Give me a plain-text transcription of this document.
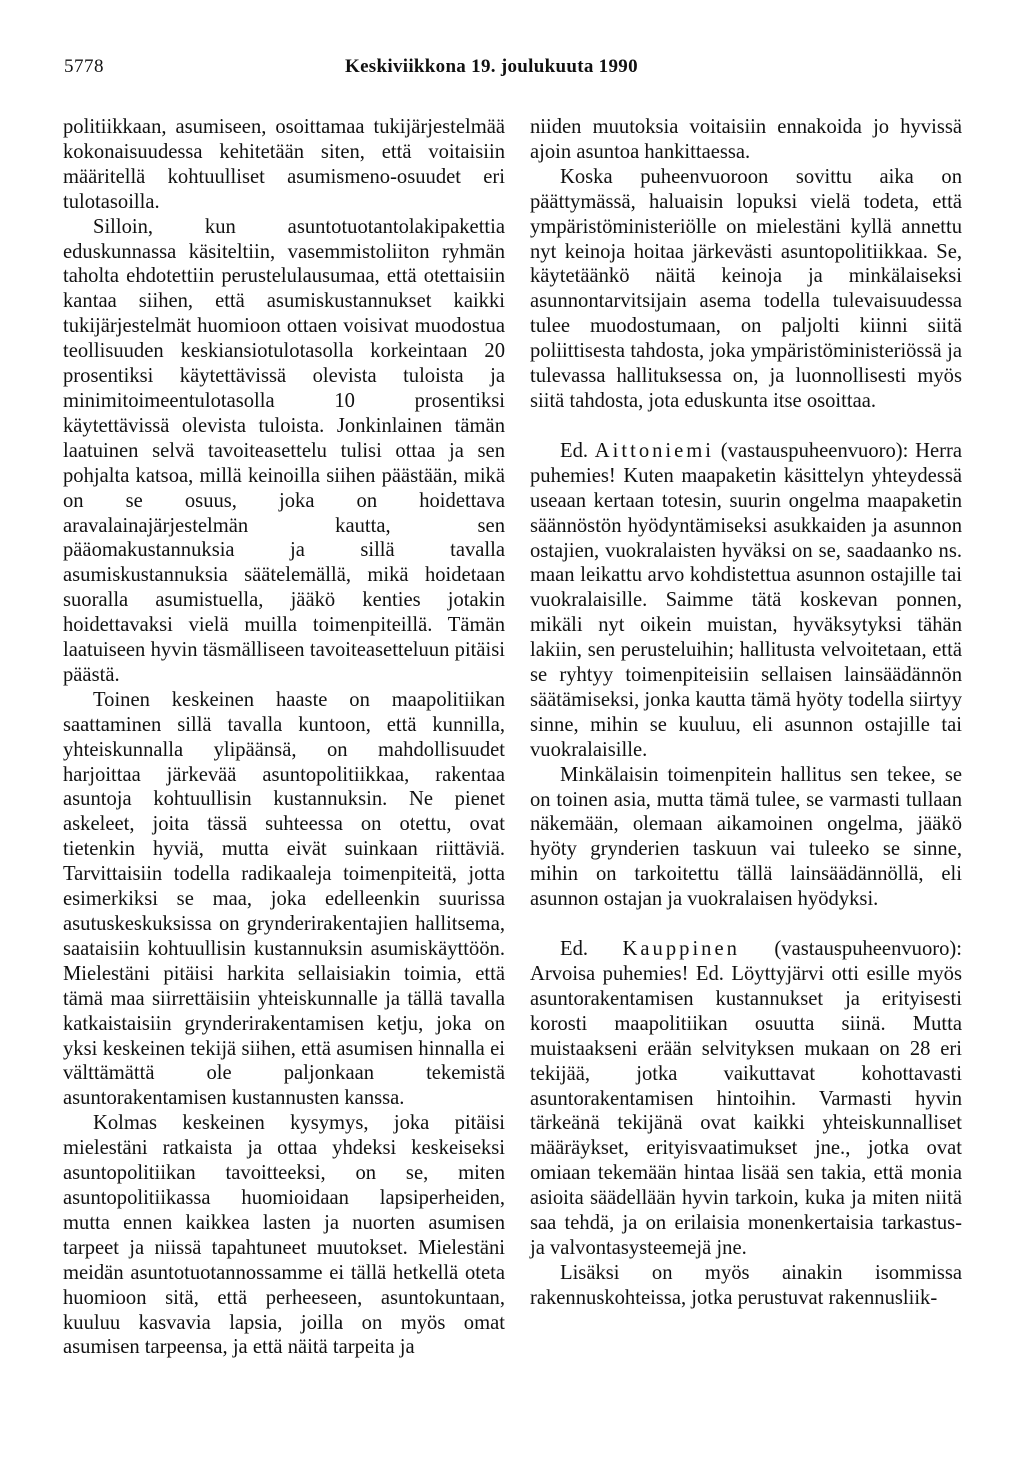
5778	Keskiviikkona 19. joulukuuta 1990

politiikkaan, asumiseen, osoittamaa tukijärjestelmää kokonaisuudessa kehitetään siten, että voitaisiin määritellä kohtuulliset asumismeno-osuudet eri tulotasoilla.

Silloin, kun asuntotuotantolakipakettia eduskunnassa käsiteltiin, vasemmistoliiton ryhmän taholta ehdotettiin perustelulausumaa, että otettaisiin kantaa siihen, että asumiskustannukset kaikki tukijärjestelmät huomioon ottaen voisivat muodostua teollisuuden keskiansiotulotasolla korkeintaan 20 prosentiksi käytettävissä olevista tuloista ja minimitoimeentulotasolla 10 prosentiksi käytettävissä olevista tuloista. Jonkinlainen tämän laatuinen selvä tavoiteasettelu tulisi ottaa ja sen pohjalta katsoa, millä keinoilla siihen päästään, mikä on se osuus, joka on hoidettava aravalainajärjestelmän kautta, sen pääomakustannuksia ja sillä tavalla asumiskustannuksia säätelemällä, mikä hoidetaan suoralla asumistuella, jääkö kenties jotakin hoidettavaksi vielä muilla toimenpiteillä. Tämän laatuiseen hyvin täsmälliseen tavoiteasetteluun pitäisi päästä.

Toinen keskeinen haaste on maapolitiikan saattaminen sillä tavalla kuntoon, että kunnilla, yhteiskunnalla ylipäänsä, on mahdollisuudet harjoittaa järkevää asuntopolitiikkaa, rakentaa asuntoja kohtuullisin kustannuksin. Ne pienet askeleet, joita tässä suhteessa on otettu, ovat tietenkin hyviä, mutta eivät suinkaan riittäviä. Tarvittaisiin todella radikaaleja toimenpiteitä, jotta esimerkiksi se maa, joka edelleenkin suurissa asutuskeskuksissa on grynderirakentajien hallitsema, saataisiin kohtuullisin kustannuksin asumiskäyttöön. Mielestäni pitäisi harkita sellaisiakin toimia, että tämä maa siirrettäisiin yhteiskunnalle ja tällä tavalla katkaistaisiin grynderirakentamisen ketju, joka on yksi keskeinen tekijä siihen, että asumisen hinnalla ei välttämättä ole paljonkaan tekemistä asuntorakentamisen kustannusten kanssa.

Kolmas keskeinen kysymys, joka pitäisi mielestäni ratkaista ja ottaa yhdeksi keskeiseksi asuntopolitiikan tavoitteeksi, on se, miten asuntopolitiikassa huomioidaan lapsiperheiden, mutta ennen kaikkea lasten ja nuorten asumisen tarpeet ja niissä tapahtuneet muutokset. Mielestäni meidän asuntotuotannossamme ei tällä hetkellä oteta huomioon sitä, että perheeseen, asuntokuntaan, kuuluu kasvavia lapsia, joilla on myös omat asumisen tarpeensa, ja että näitä tarpeita ja

niiden muutoksia voitaisiin ennakoida jo hyvissä ajoin asuntoa hankittaessa.

Koska puheenvuoroon sovittu aika on päättymässä, haluaisin lopuksi vielä todeta, että ympäristöministeriölle on mielestäni kyllä annettu nyt keinoja hoitaa järkevästi asuntopolitiikkaa. Se, käytetäänkö näitä keinoja ja minkälaiseksi asunnontarvitsijain asema todella tulevaisuudessa tulee muodostumaan, on paljolti kiinni siitä poliittisesta tahdosta, joka ympäristöministeriössä ja tulevassa hallituksessa on, ja luonnollisesti myös siitä tahdosta, jota eduskunta itse osoittaa.

Ed. Aittoniemi (vastauspuheenvuoro): Herra puhemies! Kuten maapaketin käsittelyn yhteydessä useaan kertaan totesin, suurin ongelma maapaketin säännöstön hyödyntämiseksi asukkaiden ja asunnon ostajien, vuokralaisten hyväksi on se, saadaanko ns. maan leikattu arvo kohdistettua asunnon ostajille tai vuokralaisille. Saimme tätä koskevan ponnen, mikäli nyt oikein muistan, hyväksytyksi tähän lakiin, sen perusteluihin; hallitusta velvoitetaan, että se ryhtyy toimenpiteisiin sellaisen lainsäädännön säätämiseksi, jonka kautta tämä hyöty todella siirtyy sinne, mihin se kuuluu, eli asunnon ostajille tai vuokralaisille.

Minkälaisin toimenpitein hallitus sen tekee, se on toinen asia, mutta tämä tulee, se varmasti tullaan näkemään, olemaan aikamoinen ongelma, jääkö hyöty grynderien taskuun vai tuleeko se sinne, mihin on tarkoitettu tällä lainsäädännöllä, eli asunnon ostajan ja vuokralaisen hyödyksi.

Ed. Kauppinen (vastauspuheenvuoro): Arvoisa puhemies! Ed. Löyttyjärvi otti esille myös asuntorakentamisen kustannukset ja erityisesti korosti maapolitiikan osuutta siinä. Mutta muistaakseni erään selvityksen mukaan on 28 eri tekijää, jotka vaikuttavat kohottavasti asuntorakentamisen hintoihin. Varmasti hyvin tärkeänä tekijänä ovat kaikki yhteiskunnalliset määräykset, erityisvaatimukset jne., jotka ovat omiaan tekemään hintaa lisää sen takia, että monia asioita säädellään hyvin tarkoin, kuka ja miten niitä saa tehdä, ja on erilaisia monenkertaisia tarkastus- ja valvontasysteemejä jne.

Lisäksi on myös ainakin isommissa rakennuskohteissa, jotka perustuvat rakennusliik-
